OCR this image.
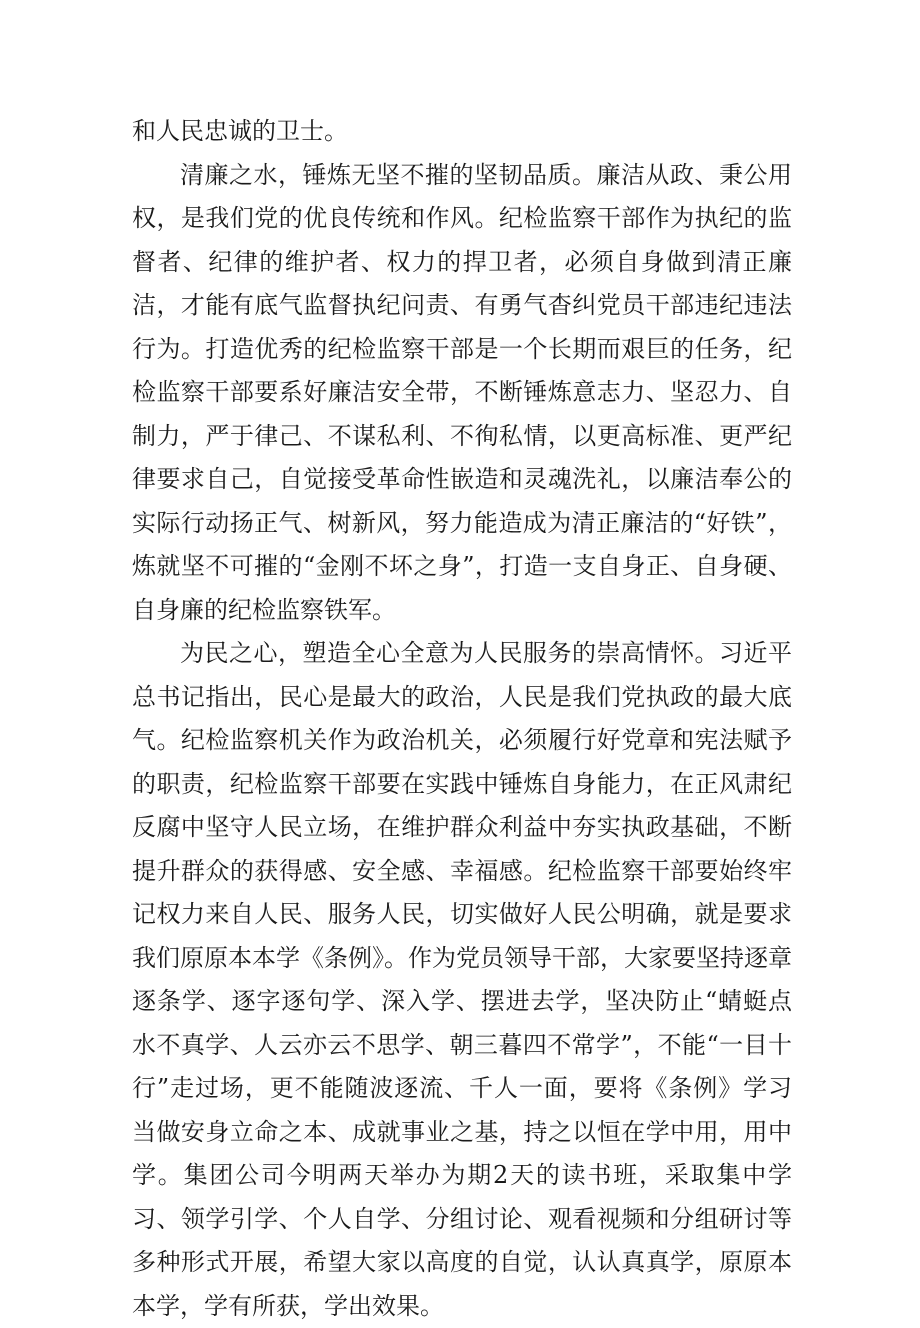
和人民忠诚的卫士。

清廉之水，锤炼无坚不摧的坚韧品质。廉洁从政、秉公用权，是我们党的优良传统和作风。纪检监察干部作为执纪的监督者、纪律的维护者、权力的捍卫者，必须自身做到清正廉洁，才能有底气监督执纪问责、有勇气杳纠党员干部违纪违法行为。打造优秀的纪检监察干部是一个长期而艰巨的任务，纪检监察干部要系好廉洁安全带，不断锤炼意志力、坚忍力、自制力，严于律己、不谋私利、不徇私情，以更高标准、更严纪律要求自己，自觉接受革命性嵌造和灵魂洗礼，以廉洁奉公的实际行动扬正气、树新风，努力能造成为清正廉洁的“好铁”，炼就坚不可摧的“金刚不坏之身”，打造一支自身正、自身硬、自身廉的纪检监察铁军。

为民之心，塑造全心全意为人民服务的崇高情怀。习近平总书记指出，民心是最大的政治，人民是我们党执政的最大底气。纪检监察机关作为政治机关，必须履行好党章和宪法赋予的职责，纪检监察干部要在实践中锤炼自身能力，在正风肃纪反腐中坚守人民立场，在维护群众利益中夯实执政基础，不断提升群众的获得感、安全感、幸福感。纪检监察干部要始终牢记权力来自人民、服务人民，切实做好人民公明确，就是要求我们原原本本学《条例》。作为党员领导干部，大家要坚持逐章逐条学、逐字逐句学、深入学、摆进去学，坚决防止“蜻蜓点水不真学、人云亦云不思学、朝三暮四不常学”，不能“一目十行”走过场，更不能随波逐流、千人一面，要将《条例》学习当做安身立命之本、成就事业之基，持之以恒在学中用，用中学。集团公司今明两天举办为期2天的读书班，采取集中学习、领学引学、个人自学、分组讨论、观看视频和分组研讨等多种形式开展，希望大家以高度的自觉，认认真真学，原原本本学，学有所获，学出效果。
